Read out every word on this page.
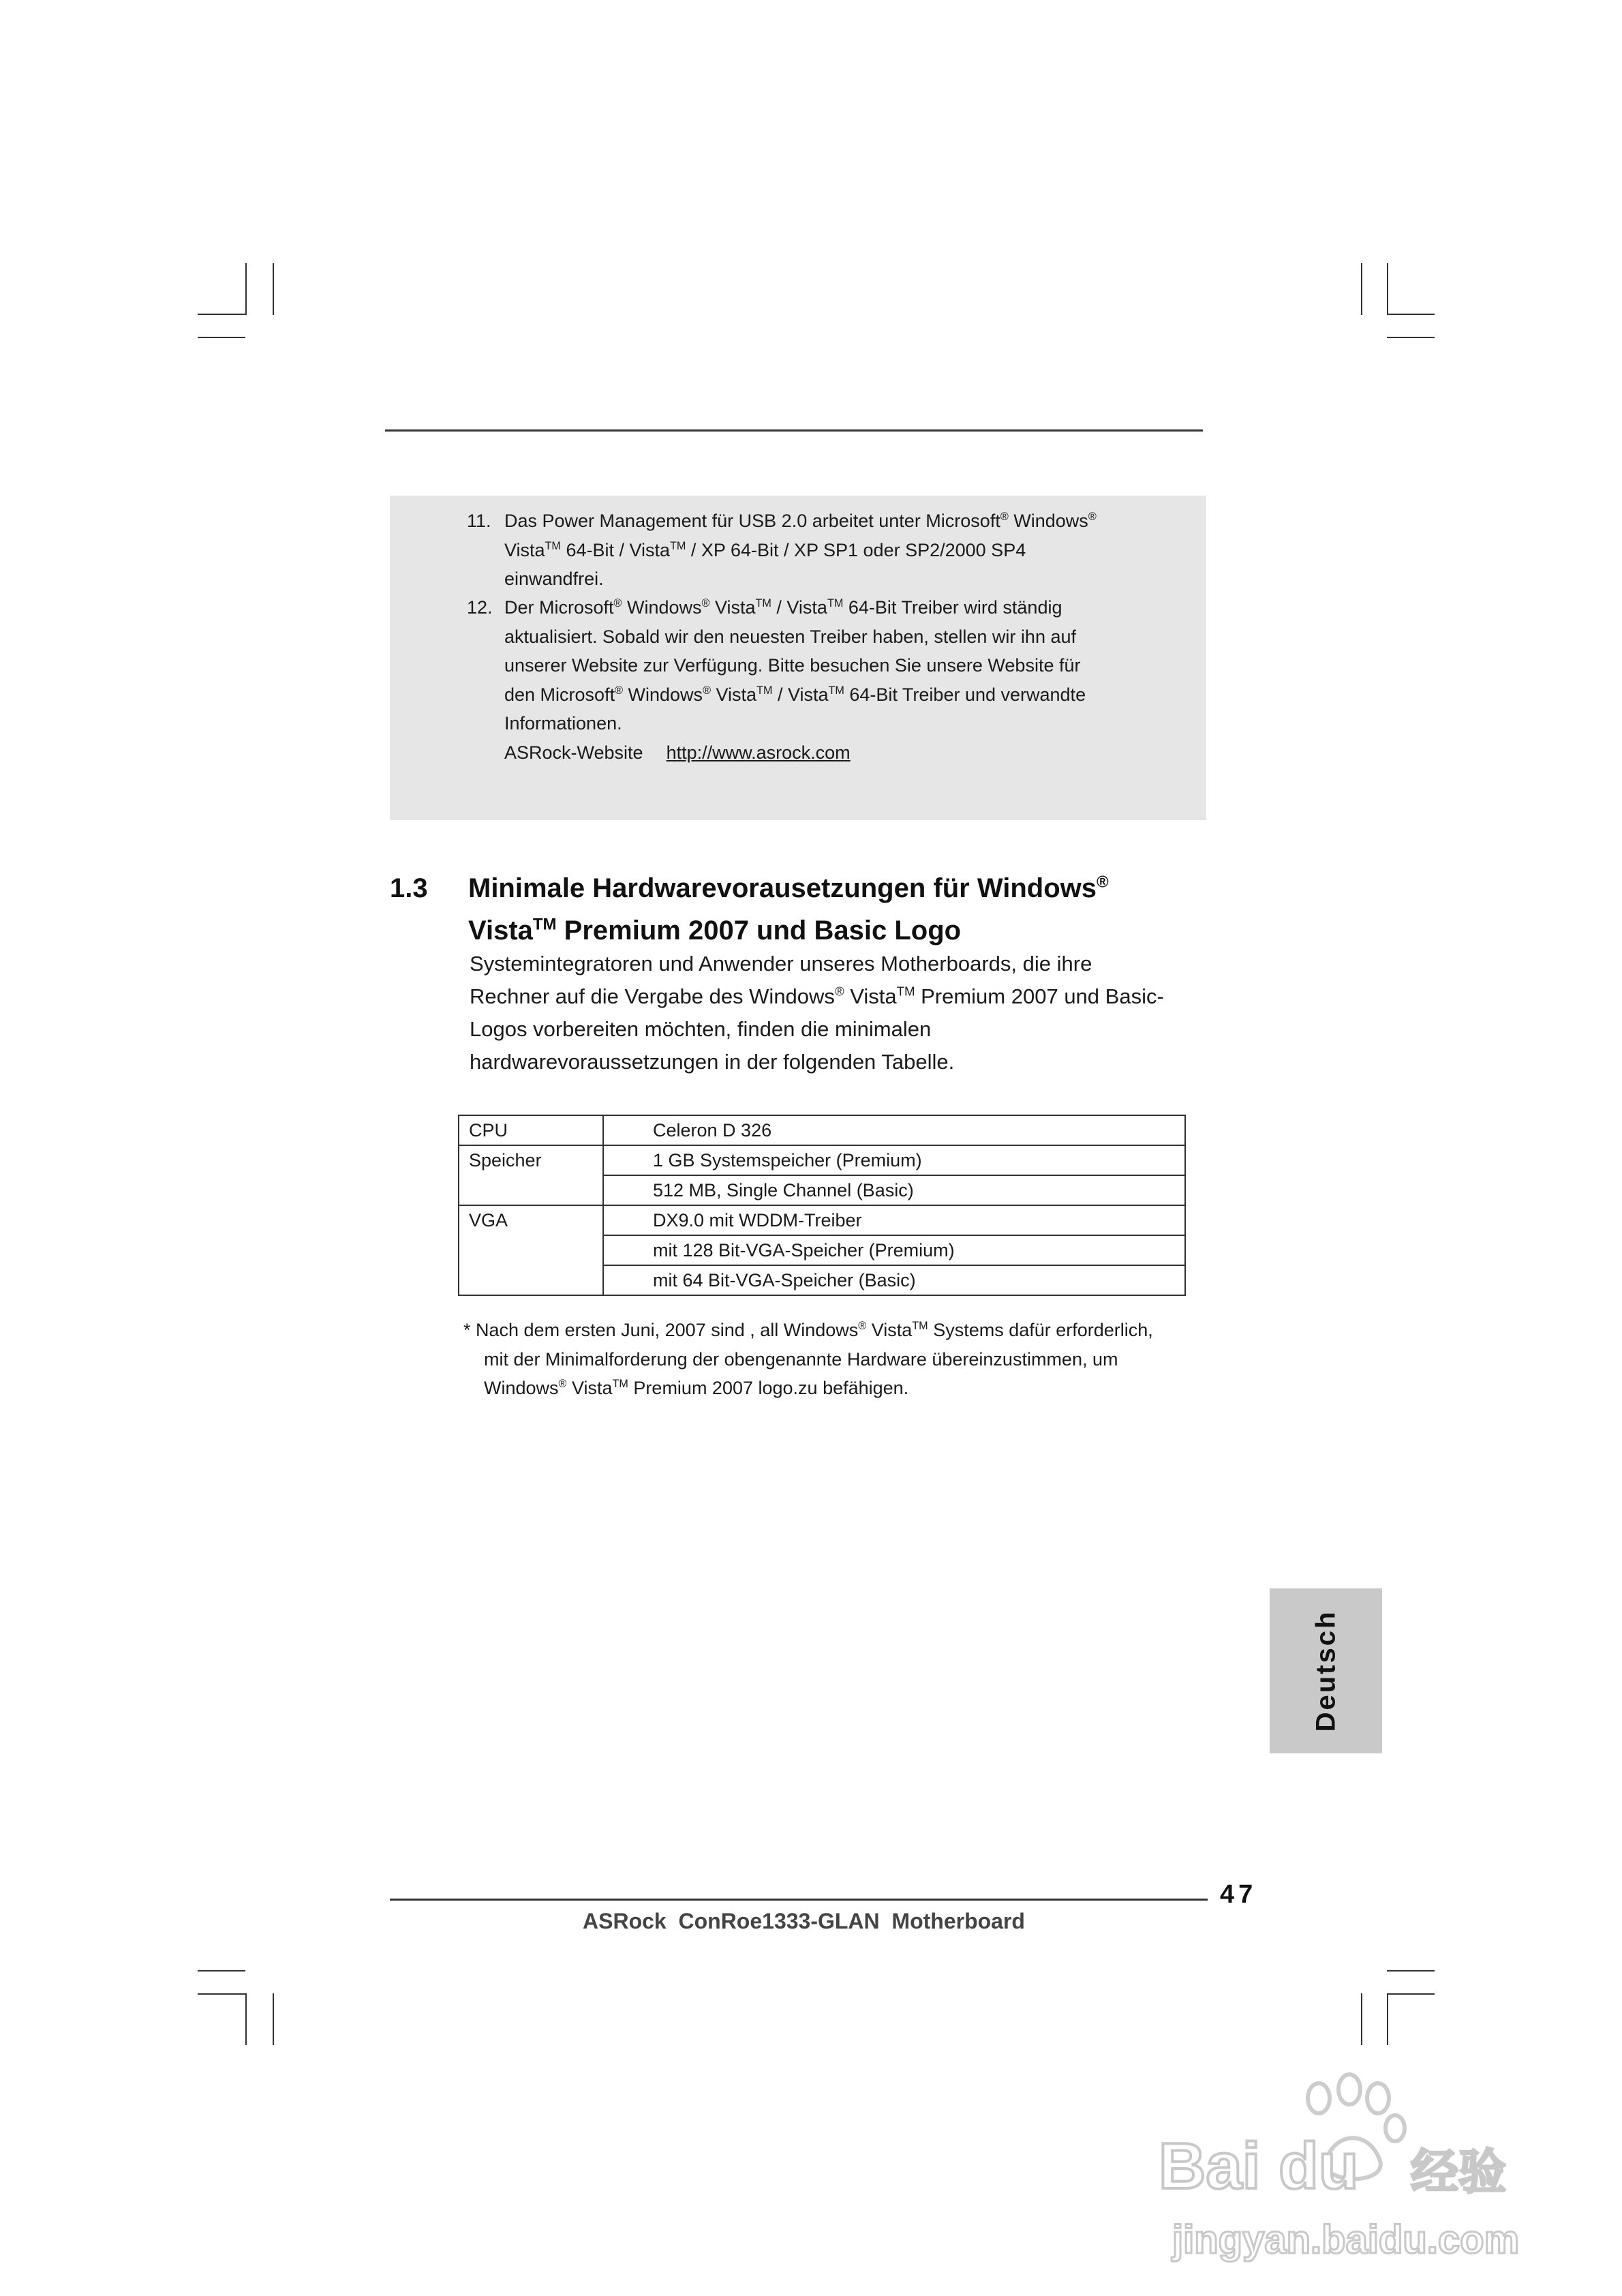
11. Das Power Management für USB 2.0 arbeitet unter Microsoft® Windows®
Vista™ 64-Bit / Vista™ / XP 64-Bit / XP SP1 oder SP2/2000 SP4
einwandfrei.
12. Der Microsoft® Windows® Vista™ / Vista™ 64-Bit Treiber wird ständig
aktualisiert. Sobald wir den neuesten Treiber haben, stellen wir ihn auf
unserer Website zur Verfügung. Bitte besuchen Sie unsere Website für
den Microsoft® Windows® Vista™ / Vista™ 64-Bit Treiber und verwandte
Informationen.
ASRock-Website http://www.asrock.com
1.3 Minimale Hardwarevorausetzungen für Windows®
Vista™ Premium 2007 und Basic Logo
Systemintegratoren und Anwender unseres Motherboards, die ihre
Rechner auf die Vergabe des Windows® Vista™ Premium 2007 und Basic-
Logos vorbereiten möchten, finden die minimalen
hardwarevoraussetzungen in der folgenden Tabelle.
CPU	Celeron D 326
Speicher	1 GB Systemspeicher (Premium)
	512 MB, Single Channel (Basic)
VGA	DX9.0 mit WDDM-Treiber
	mit 128 Bit-VGA-Speicher (Premium)
	mit 64 Bit-VGA-Speicher (Basic)
* Nach dem ersten Juni, 2007 sind , all Windows® Vista™ Systems dafür erforderlich,
mit der Minimalforderung der obengenannte Hardware übereinzustimmen, um
Windows® Vista™ Premium 2007 logo.zu befähigen.
Deutsch
47
ASRock  ConRoe1333-GLAN  Motherboard
Bai du 经验
jingyan.baidu.com
